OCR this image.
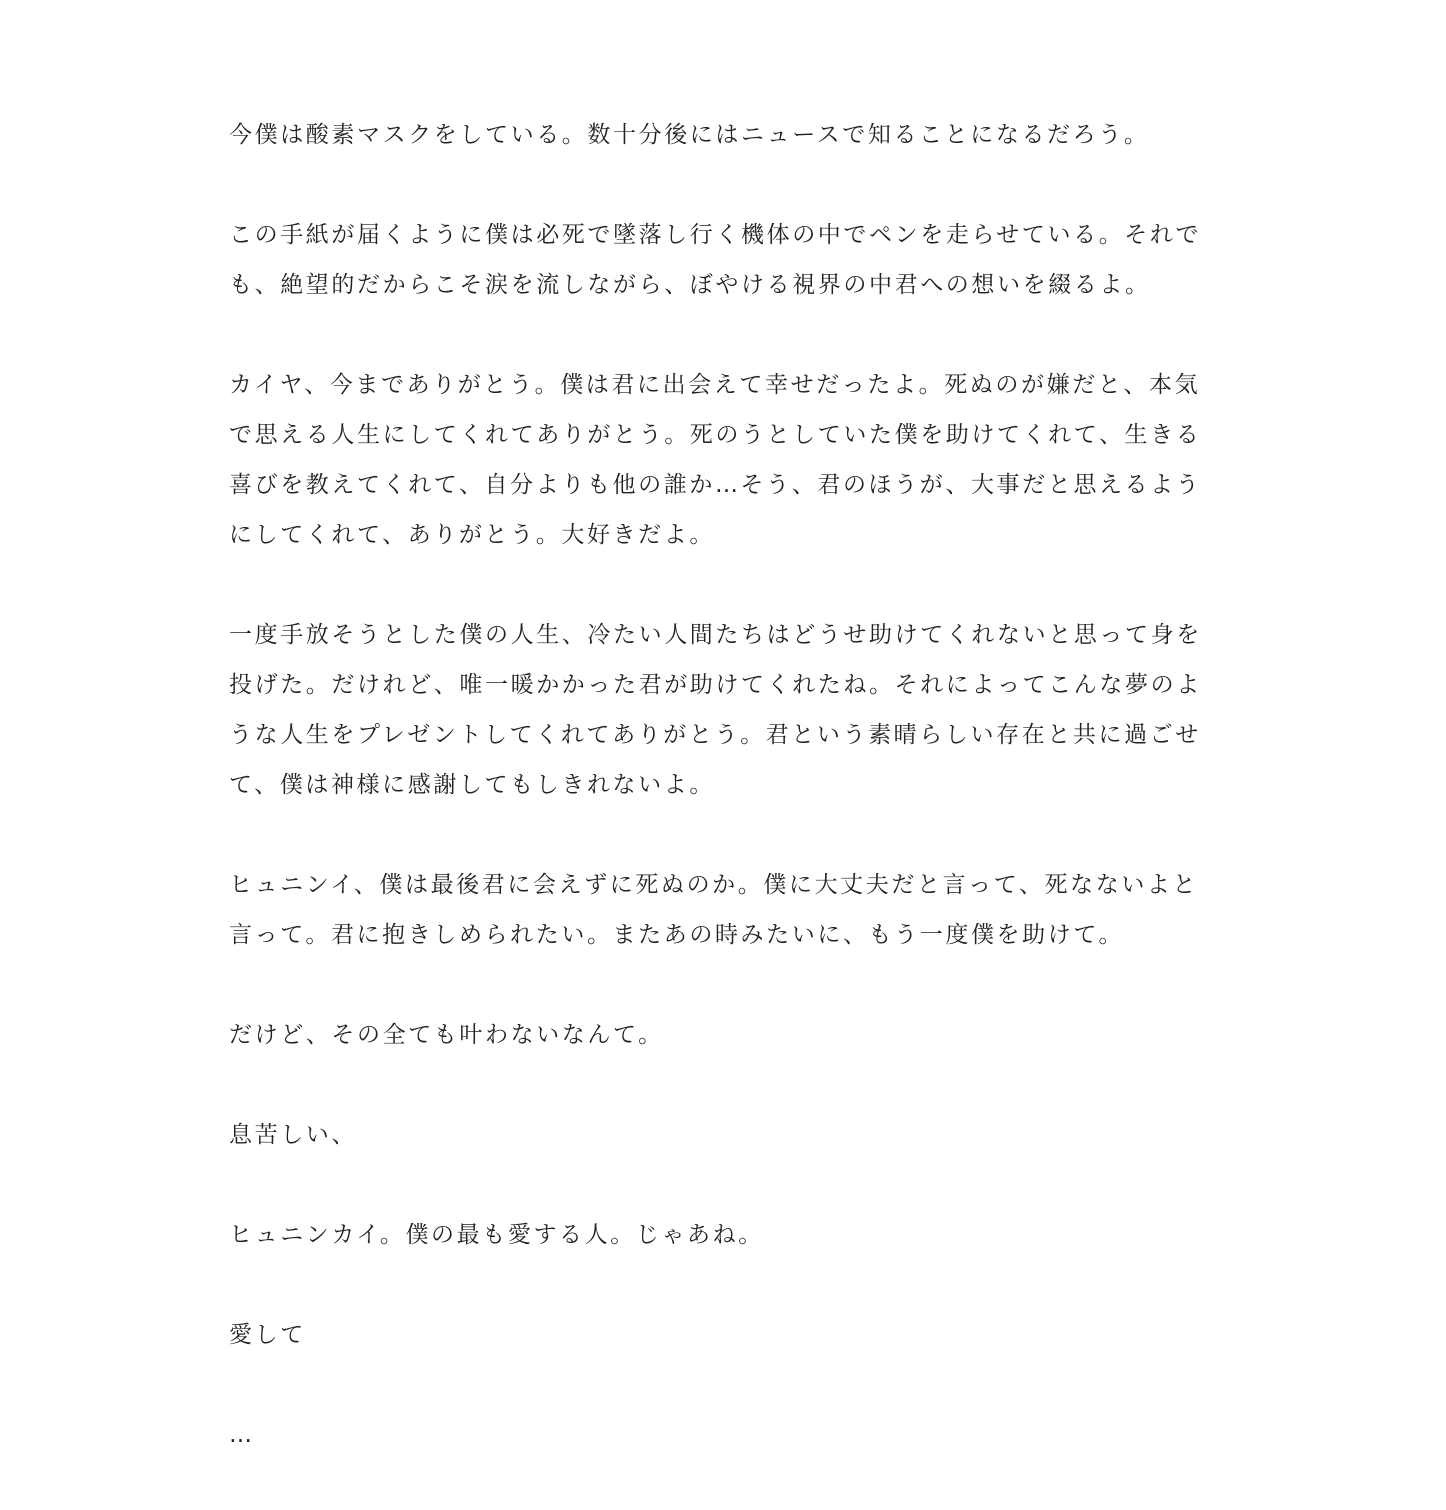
今僕は酸素マスクをしている。数十分後にはニュースで知ることになるだろう。

この手紙が届くように僕は必死で墜落し行く機体の中でペンを走らせている。それでも、絶望的だからこそ涙を流しながら、ぼやける視界の中君への想いを綴るよ。

カイヤ、今までありがとう。僕は君に出会えて幸せだったよ。死ぬのが嫌だと、本気で思える人生にしてくれてありがとう。死のうとしていた僕を助けてくれて、生きる喜びを教えてくれて、自分よりも他の誰か…そう、君のほうが、大事だと思えるようにしてくれて、ありがとう。大好きだよ。

一度手放そうとした僕の人生、冷たい人間たちはどうせ助けてくれないと思って身を投げた。だけれど、唯一暖かかった君が助けてくれたね。それによってこんな夢のような人生をプレゼントしてくれてありがとう。君という素晴らしい存在と共に過ごせて、僕は神様に感謝してもしきれないよ。

ヒュニンイ、僕は最後君に会えずに死ぬのか。僕に大丈夫だと言って、死なないよと言って。君に抱きしめられたい。またあの時みたいに、もう一度僕を助けて。

だけど、その全ても叶わないなんて。

息苦しい、

ヒュニンカイ。僕の最も愛する人。じゃあね。

愛して

…
